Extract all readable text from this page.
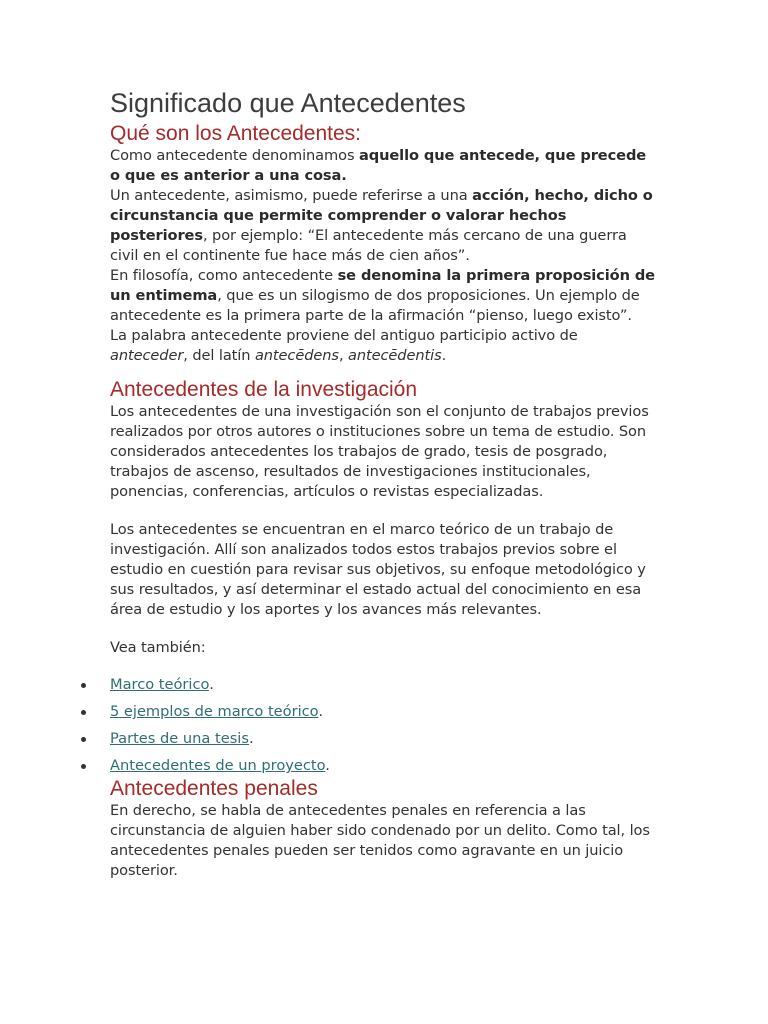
Significado que Antecedentes
Qué son los Antecedentes:

Como antecedente denominamos aquello que antecede, que precede o que es anterior a una cosa.

Un antecedente, asimismo, puede referirse a una acción, hecho, dicho o circunstancia que permite comprender o valorar hechos posteriores, por ejemplo: “El antecedente más cercano de una guerra civil en el continente fue hace más de cien años”.

En filosofía, como antecedente se denomina la primera proposición de un entimema, que es un silogismo de dos proposiciones. Un ejemplo de antecedente es la primera parte de la afirmación “pienso, luego existo”.

La palabra antecedente proviene del antiguo participio activo de anteceder, del latín antecēdens, antecēdentis.

Antecedentes de la investigación

Los antecedentes de una investigación son el conjunto de trabajos previos realizados por otros autores o instituciones sobre un tema de estudio. Son considerados antecedentes los trabajos de grado, tesis de posgrado, trabajos de ascenso, resultados de investigaciones institucionales, ponencias, conferencias, artículos o revistas especializadas.

Los antecedentes se encuentran en el marco teórico de un trabajo de investigación. Allí son analizados todos estos trabajos previos sobre el estudio en cuestión para revisar sus objetivos, su enfoque metodológico y sus resultados, y así determinar el estado actual del conocimiento en esa área de estudio y los aportes y los avances más relevantes.

Vea también:

Marco teórico.
5 ejemplos de marco teórico.
Partes de una tesis.
Antecedentes de un proyecto.
Antecedentes penales

En derecho, se habla de antecedentes penales en referencia a las circunstancia de alguien haber sido condenado por un delito. Como tal, los antecedentes penales pueden ser tenidos como agravante en un juicio posterior.
